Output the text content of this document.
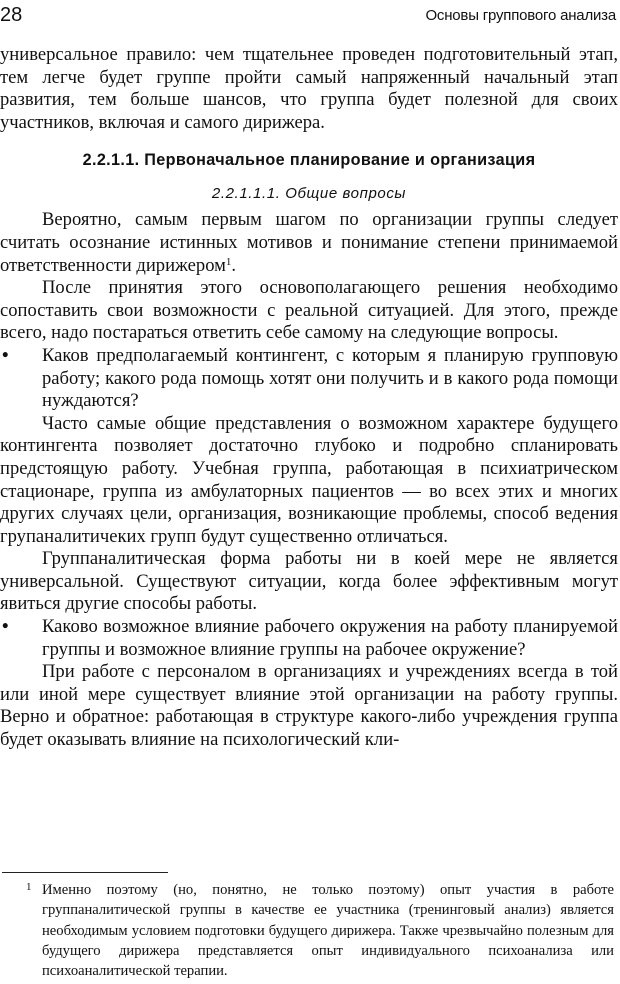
28	Основы группового анализа

универсальное правило: чем тщательнее проведен подготовительный этап, тем легче будет группе пройти самый напряженный начальный этап развития, тем больше шансов, что группа будет полезной для своих участников, включая и самого дирижера.

2.2.1.1. Первоначальное планирование и организация

2.2.1.1.1. Общие вопросы

Вероятно, самым первым шагом по организации группы следует считать осознание истинных мотивов и понимание степени принимаемой ответственности дирижером$^1$.

После принятия этого основополагающего решения необходимо сопоставить свои возможности с реальной ситуацией. Для этого, прежде всего, надо постараться ответить себе самому на следующие вопросы.

• Каков предполагаемый контингент, с которым я планирую групповую работу; какого рода помощь хотят они получить и в какого рода помощи нуждаются?

Часто самые общие представления о возможном характере будущего контингента позволяет достаточно глубоко и подробно спланировать предстоящую работу. Учебная группа, работающая в психиатрическом стационаре, группа из амбулаторных пациентов — во всех этих и многих других случаях цели, организация, возникающие проблемы, способ ведения групаналитичеких групп будут существенно отличаться.

Группаналитическая форма работы ни в коей мере не является универсальной. Существуют ситуации, когда более эффективным могут явиться другие способы работы.

• Каково возможное влияние рабочего окружения на работу планируемой группы и возможное влияние группы на рабочее окружение?

При работе с персоналом в организациях и учреждениях всегда в той или иной мере существует влияние этой организации на работу группы. Верно и обратное: работающая в структуре какого-либо учреждения группа будет оказывать влияние на психологический кли-

1 Именно поэтому (но, понятно, не только поэтому) опыт участия в работе группаналитической группы в качестве ее участника (тренинговый анализ) является необходимым условием подготовки будущего дирижера. Также чрезвычайно полезным для будущего дирижера представляется опыт индивидуального психоанализа или психоаналитической терапии.
